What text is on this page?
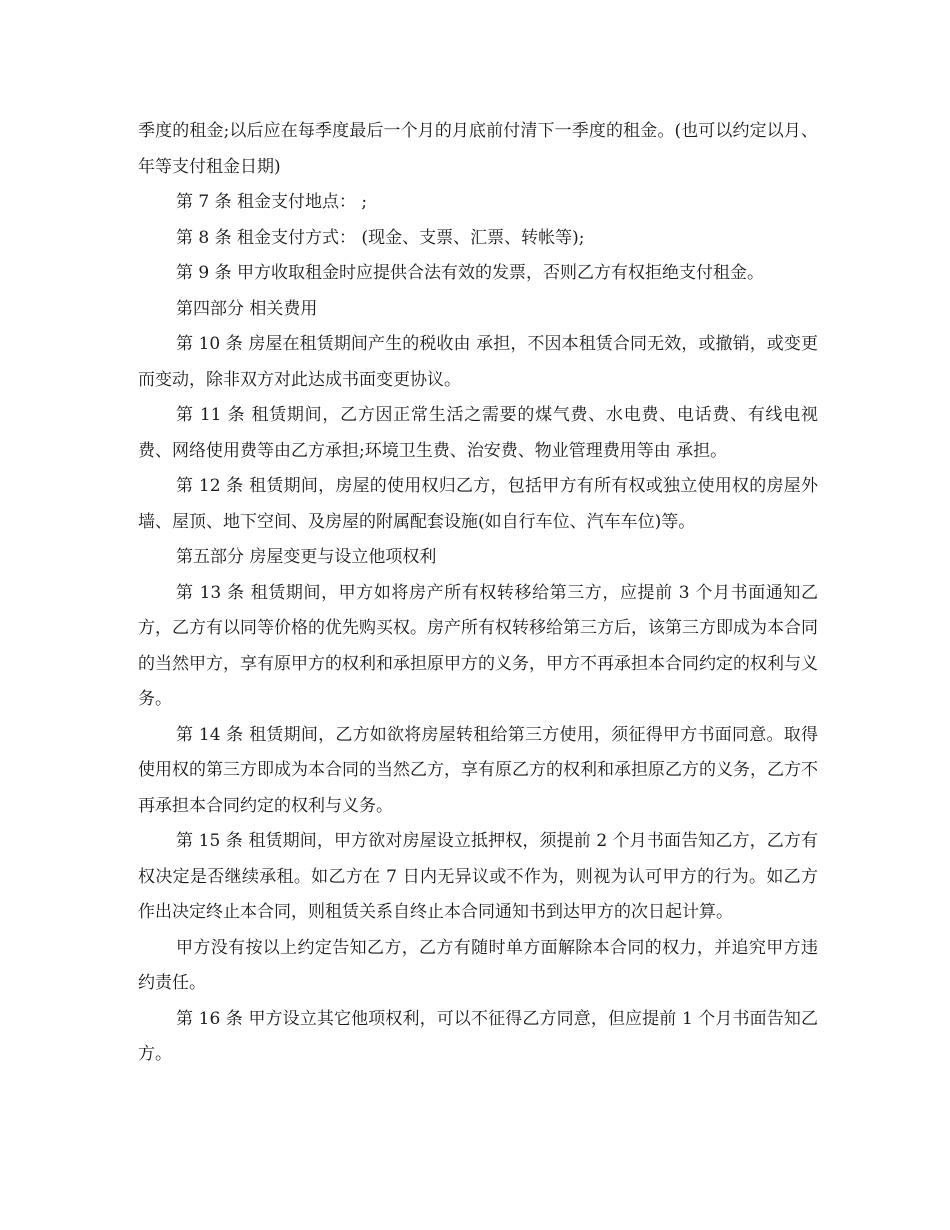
季度的租金;以后应在每季度最后一个月的月底前付清下一季度的租金。(也可以约定以月、年等支付租金日期)

第 7 条 租金支付地点： ;

第 8 条 租金支付方式： (现金、支票、汇票、转帐等);

第 9 条 甲方收取租金时应提供合法有效的发票，否则乙方有权拒绝支付租金。

第四部分 相关费用

第 10 条 房屋在租赁期间产生的税收由 承担，不因本租赁合同无效，或撤销，或变更而变动，除非双方对此达成书面变更协议。

第 11 条 租赁期间，乙方因正常生活之需要的煤气费、水电费、电话费、有线电视费、网络使用费等由乙方承担;环境卫生费、治安费、物业管理费用等由 承担。

第 12 条 租赁期间，房屋的使用权归乙方，包括甲方有所有权或独立使用权的房屋外墙、屋顶、地下空间、及房屋的附属配套设施(如自行车位、汽车车位)等。

第五部分 房屋变更与设立他项权利

第 13 条 租赁期间，甲方如将房产所有权转移给第三方，应提前 3 个月书面通知乙方，乙方有以同等价格的优先购买权。房产所有权转移给第三方后，该第三方即成为本合同的当然甲方，享有原甲方的权利和承担原甲方的义务，甲方不再承担本合同约定的权利与义务。

第 14 条 租赁期间，乙方如欲将房屋转租给第三方使用，须征得甲方书面同意。取得使用权的第三方即成为本合同的当然乙方，享有原乙方的权利和承担原乙方的义务，乙方不再承担本合同约定的权利与义务。

第 15 条 租赁期间，甲方欲对房屋设立抵押权，须提前 2 个月书面告知乙方，乙方有权决定是否继续承租。如乙方在 7 日内无异议或不作为，则视为认可甲方的行为。如乙方作出决定终止本合同，则租赁关系自终止本合同通知书到达甲方的次日起计算。

甲方没有按以上约定告知乙方，乙方有随时单方面解除本合同的权力，并追究甲方违约责任。

第 16 条 甲方设立其它他项权利，可以不征得乙方同意，但应提前 1 个月书面告知乙方。
